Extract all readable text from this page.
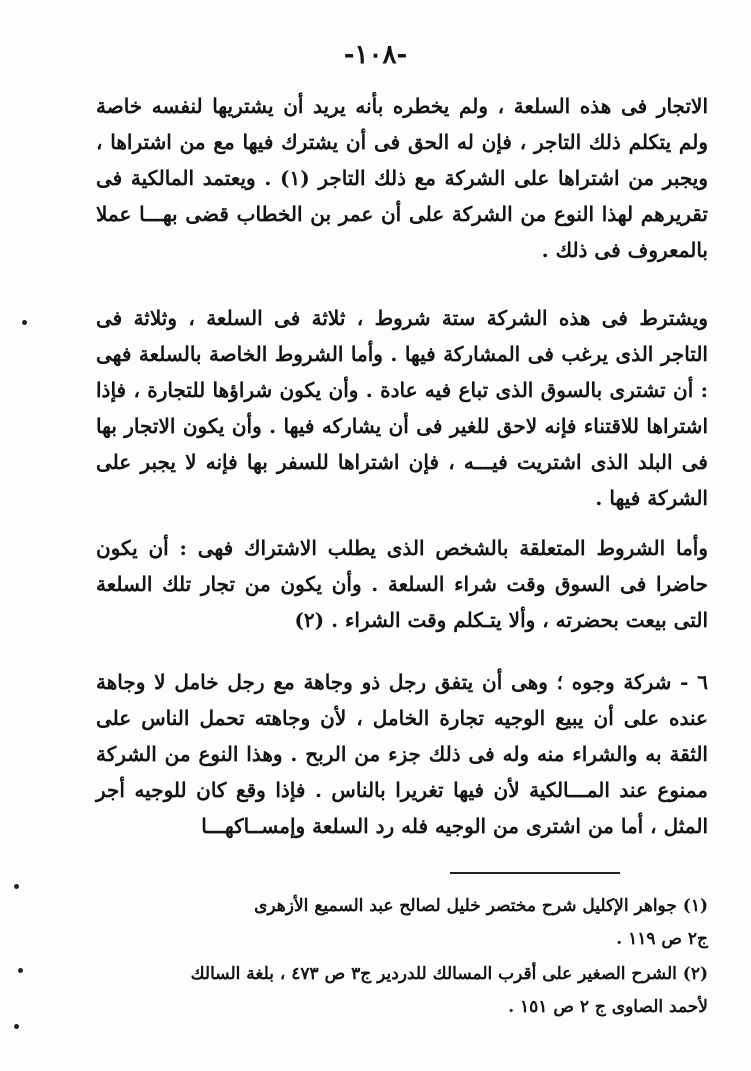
-١٠٨-

الاتجار فى هذه السلعة ، ولم يخطره بأنه يريد أن يشتريها لنفسه خاصة ولم يتكلم ذلك التاجر ، فإن له الحق فى أن يشترك فيها مع من اشتراها ، ويجبر من اشتراها على الشركة مع ذلك التاجر (١) . ويعتمد المالكية فى تقريرهم لهذا النوع من الشركة على أن عمر بن الخطاب قضى بهـــا عملا بالمعروف فى ذلك .

ويشترط فى هذه الشركة ستة شروط ، ثلاثة فى السلعة ، وثلاثة فى التاجر الذى يرغب فى المشاركة فيها . وأما الشروط الخاصة بالسلعة فهى : أن تشترى بالسوق الذى تباع فيه عادة . وأن يكون شراؤها للتجارة ، فإذا اشتراها للاقتناء فإنه لاحق للغير فى أن يشاركه فيها . وأن يكون الاتجار بها فى البلد الذى اشتريت فيـــه ، فإن اشتراها للسفر بها فإنه لا يجبر على الشركة فيها .

وأما الشروط المتعلقة بالشخص الذى يطلب الاشتراك فهى : أن يكون حاضرا فى السوق وقت شراء السلعة . وأن يكون من تجار تلك السلعة التى بيعت بحضرته ، وألا يتـكلم وقت الشراء . (٢)

٦ - شركة وجوه ؛ وهى أن يتفق رجل ذو وجاهة مع رجل خامل لا وجاهة عنده على أن يبيع الوجيه تجارة الخامل ، لأن وجاهته تحمل الناس على الثقة به والشراء منه وله فى ذلك جزء من الربح . وهذا النوع من الشركة ممنوع عند المـــالكية لأن فيها تغريرا بالناس . فإذا وقع كان للوجيه أجر المثل ، أما من اشترى من الوجيه فله رد السلعة وإمســاكهـــا

(١) جواهر الإكليل شرح مختصر خليل لصالح عبد السميع الأزهرى
ج٢ ص ١١٩ .
(٢) الشرح الصغير على أقرب المسالك للدردير ج٣ ص ٤٧٣ ، بلغة السالك
لأحمد الصاوى ج ٢ ص ١٥١ .
